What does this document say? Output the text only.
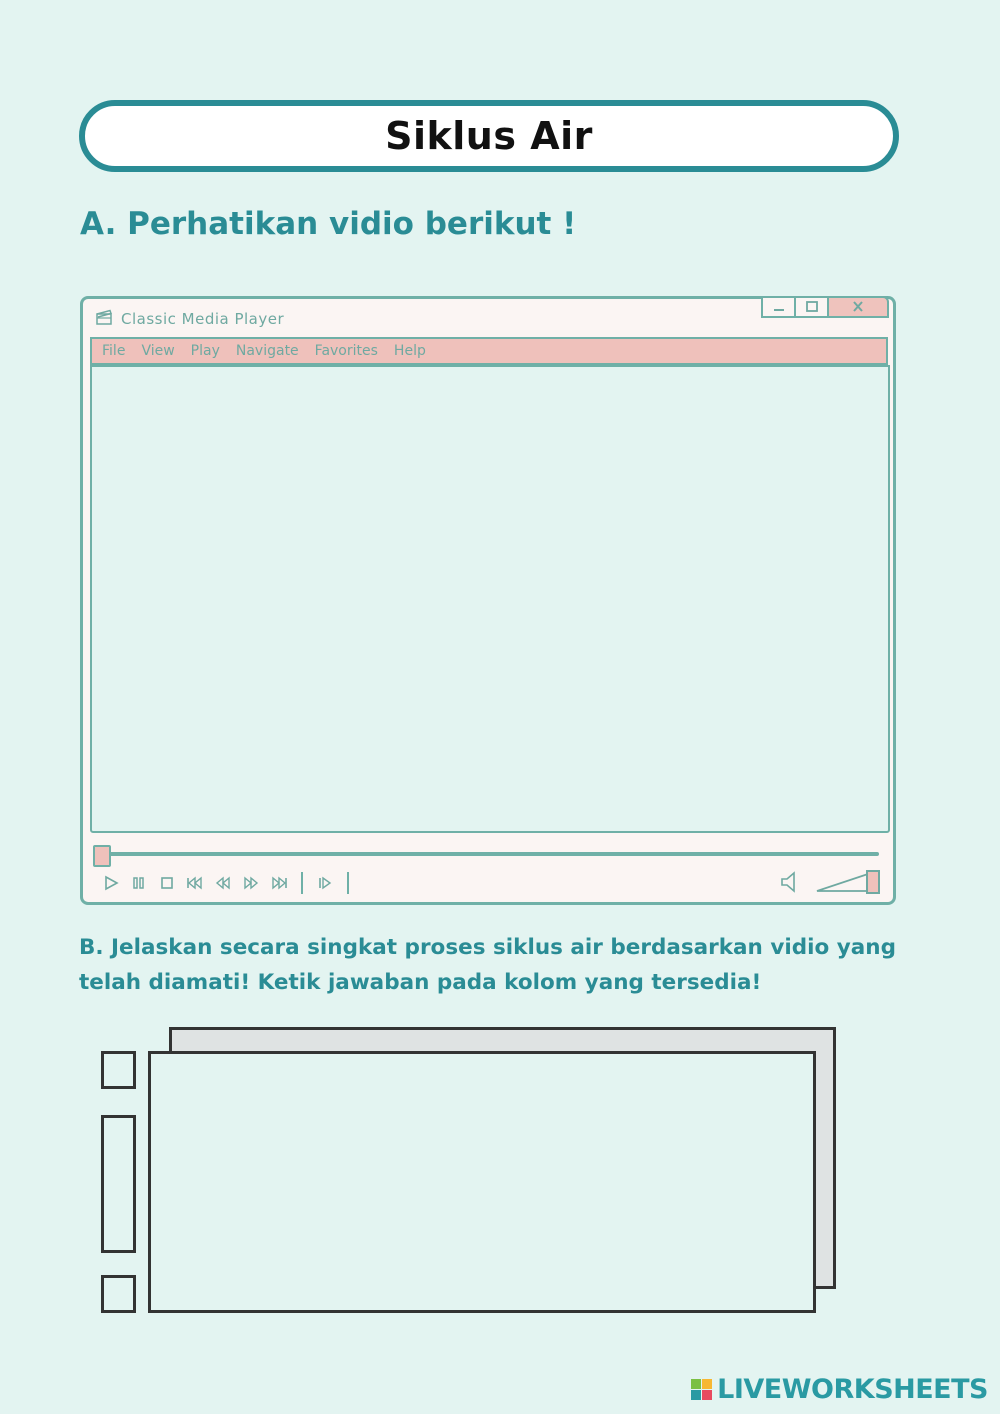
Siklus Air
A. Perhatikan vidio berikut !
Classic Media Player
File View Play Navigate Favorites Help
B. Jelaskan secara singkat proses siklus air berdasarkan vidio yang telah diamati! Ketik jawaban pada kolom yang tersedia!
LIVEWORKSHEETS
